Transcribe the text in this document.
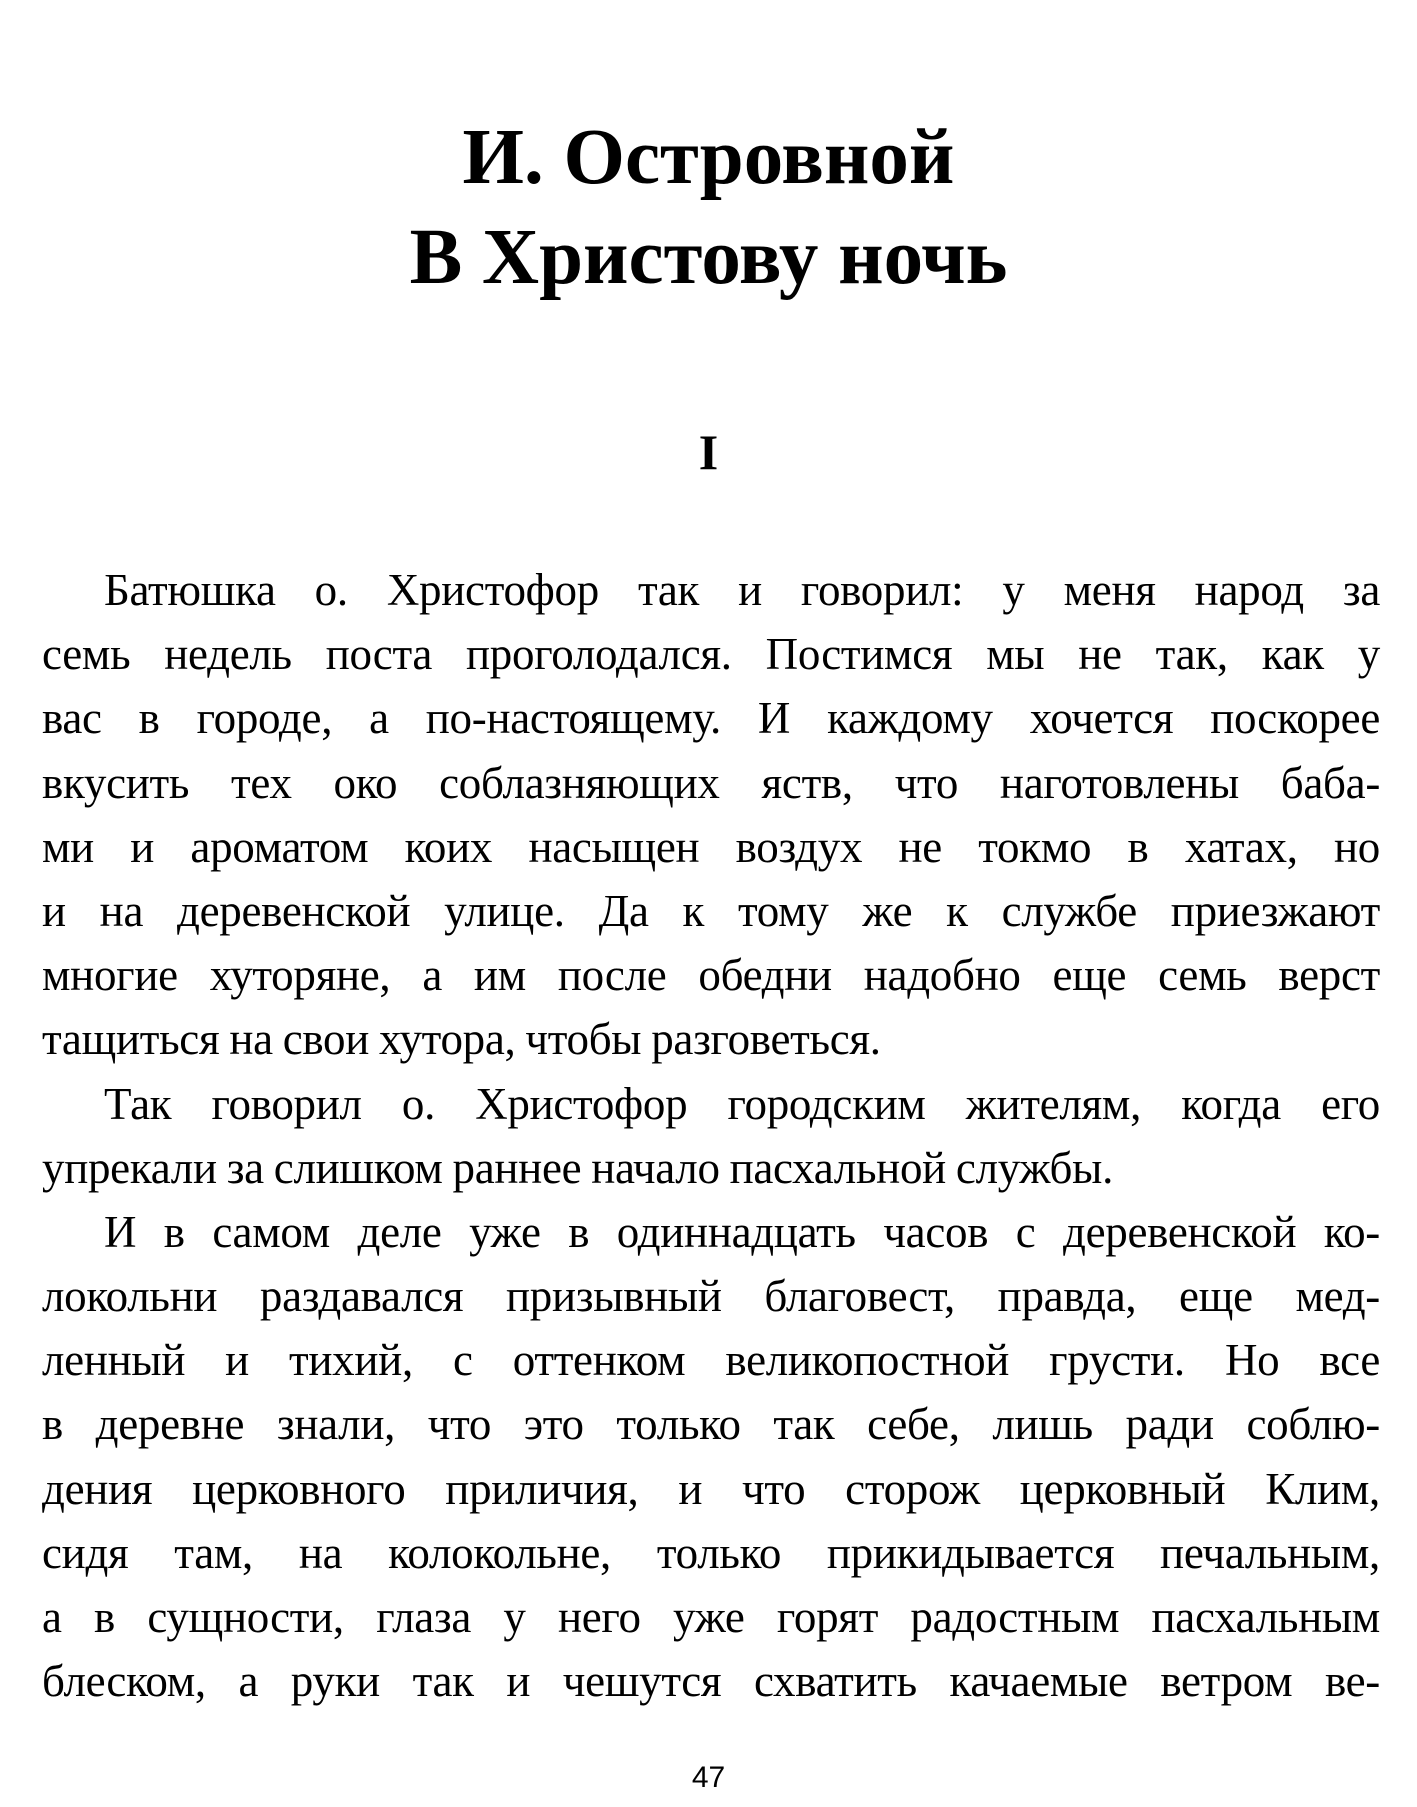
И. Островной
В Христову ночь
I
Батюшка о. Христофор так и говорил: у меня народ за
семь недель поста проголодался. Постимся мы не так, как у
вас в городе, а по-настоящему. И каждому хочется поскорее
вкусить тех око соблазняющих яств, что наготовлены баба-
ми и ароматом коих насыщен воздух не токмо в хатах, но
и на деревенской улице. Да к тому же к службе приезжают
многие хуторяне, а им после обедни надобно еще семь верст
тащиться на свои хутора, чтобы разговеться.
Так говорил о. Христофор городским жителям, когда его
упрекали за слишком раннее начало пасхальной службы.
И в самом деле уже в одиннадцать часов с деревенской ко-
локольни раздавался призывный благовест, правда, еще мед-
ленный и тихий, с оттенком великопостной грусти. Но все
в деревне знали, что это только так себе, лишь ради соблю-
дения церковного приличия, и что сторож церковный Клим,
сидя там, на колокольне, только прикидывается печальным,
а в сущности, глаза у него уже горят радостным пасхальным
блеском, а руки так и чешутся схватить качаемые ветром ве-
47
